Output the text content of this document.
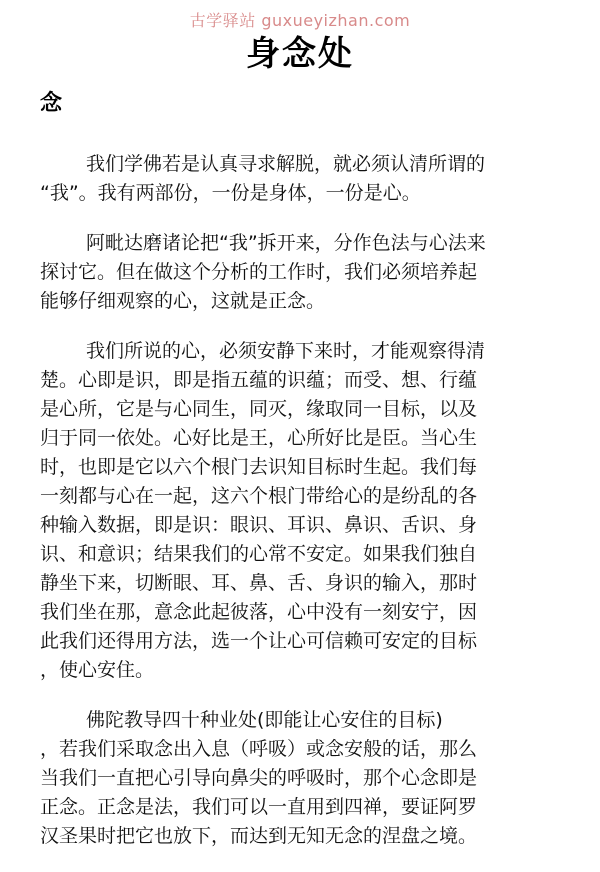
古学驿站 guxueyizhan.com
身念处
念
我们学佛若是认真寻求解脱，就必须认清所谓的
“我”。我有两部份，一份是身体，一份是心。
阿毗达磨诸论把“我”拆开来，分作色法与心法来
探讨它。但在做这个分析的工作时，我们必须培养起
能够仔细观察的心，这就是正念。
我们所说的心，必须安静下来时，才能观察得清
楚。心即是识，即是指五蕴的识蕴；而受、想、行蕴
是心所，它是与心同生，同灭，缘取同一目标，以及
归于同一依处。心好比是王，心所好比是臣。当心生
时，也即是它以六个根门去识知目标时生起。我们每
一刻都与心在一起，这六个根门带给心的是纷乱的各
种输入数据，即是识：眼识、耳识、鼻识、舌识、身
识、和意识；结果我们的心常不安定。如果我们独自
静坐下来，切断眼、耳、鼻、舌、身识的输入，那时
我们坐在那，意念此起彼落，心中没有一刻安宁，因
此我们还得用方法，选一个让心可信赖可安定的目标
，使心安住。
佛陀教导四十种业处(即能让心安住的目标)
，若我们采取念出入息（呼吸）或念安般的话，那么
当我们一直把心引导向鼻尖的呼吸时，那个心念即是
正念。正念是法，我们可以一直用到四禅，要证阿罗
汉圣果时把它也放下，而达到无知无念的涅盘之境。
